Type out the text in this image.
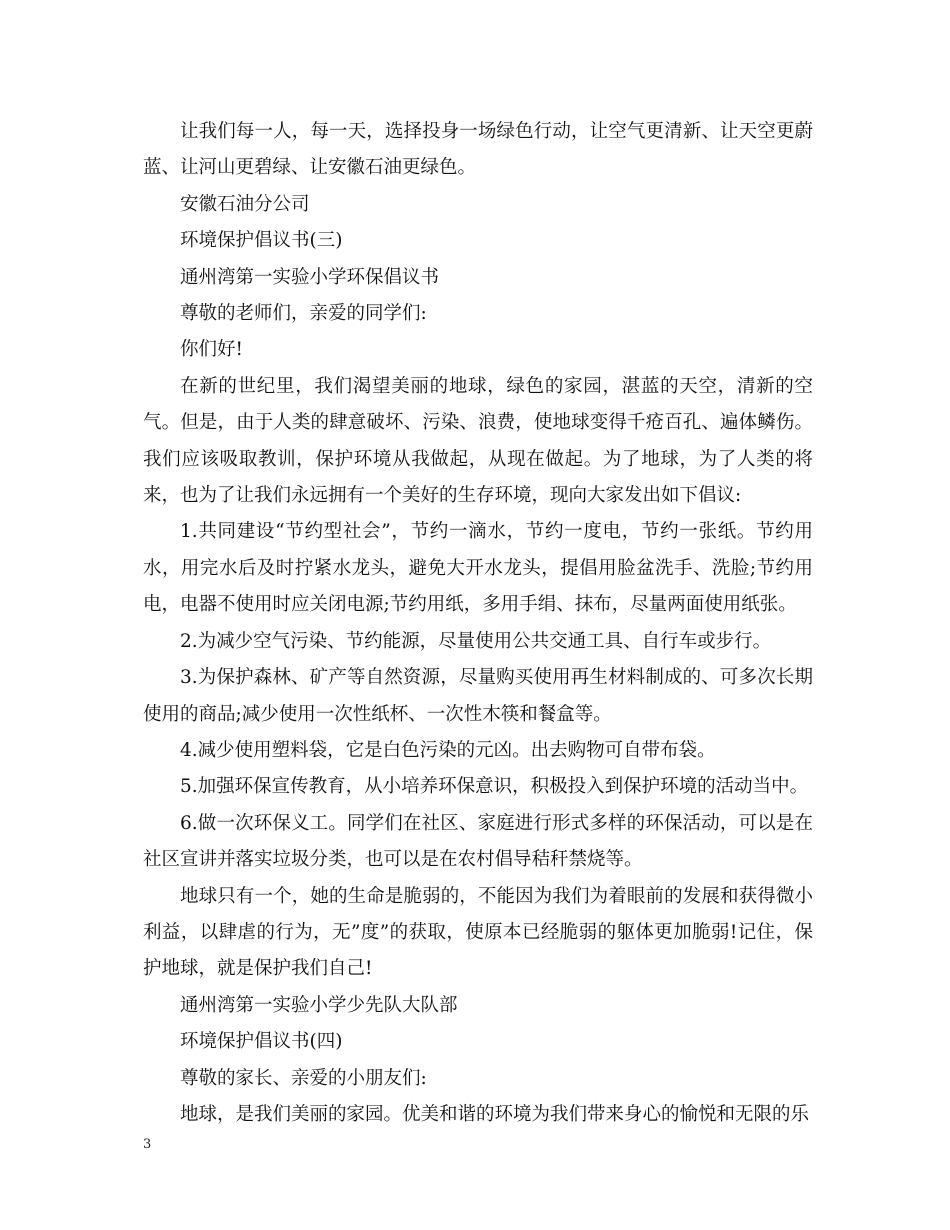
让我们每一人，每一天，选择投身一场绿色行动，让空气更清新、让天空更蔚蓝、让河山更碧绿、让安徽石油更绿色。

安徽石油分公司

环境保护倡议书(三)

通州湾第一实验小学环保倡议书

尊敬的老师们，亲爱的同学们:

你们好!

在新的世纪里，我们渴望美丽的地球，绿色的家园，湛蓝的天空，清新的空气。但是，由于人类的肆意破坏、污染、浪费，使地球变得千疮百孔、遍体鳞伤。我们应该吸取教训，保护环境从我做起，从现在做起。为了地球，为了人类的将来，也为了让我们永远拥有一个美好的生存环境，现向大家发出如下倡议:

1.共同建设“节约型社会”，节约一滴水，节约一度电，节约一张纸。节约用水，用完水后及时拧紧水龙头，避免大开水龙头，提倡用脸盆洗手、洗脸;节约用电，电器不使用时应关闭电源;节约用纸，多用手绢、抹布，尽量两面使用纸张。

2.为减少空气污染、节约能源，尽量使用公共交通工具、自行车或步行。

3.为保护森林、矿产等自然资源，尽量购买使用再生材料制成的、可多次长期使用的商品;减少使用一次性纸杯、一次性木筷和餐盒等。

4.减少使用塑料袋，它是白色污染的元凶。出去购物可自带布袋。

5.加强环保宣传教育，从小培养环保意识，积极投入到保护环境的活动当中。

6.做一次环保义工。同学们在社区、家庭进行形式多样的环保活动，可以是在社区宣讲并落实垃圾分类，也可以是在农村倡导秸秆禁烧等。

地球只有一个，她的生命是脆弱的，不能因为我们为着眼前的发展和获得微小利益，以肆虐的行为，无”度”的获取，使原本已经脆弱的躯体更加脆弱!记住，保护地球，就是保护我们自己!

通州湾第一实验小学少先队大队部

环境保护倡议书(四)

尊敬的家长、亲爱的小朋友们:

地球，是我们美丽的家园。优美和谐的环境为我们带来身心的愉悦和无限的乐

3
